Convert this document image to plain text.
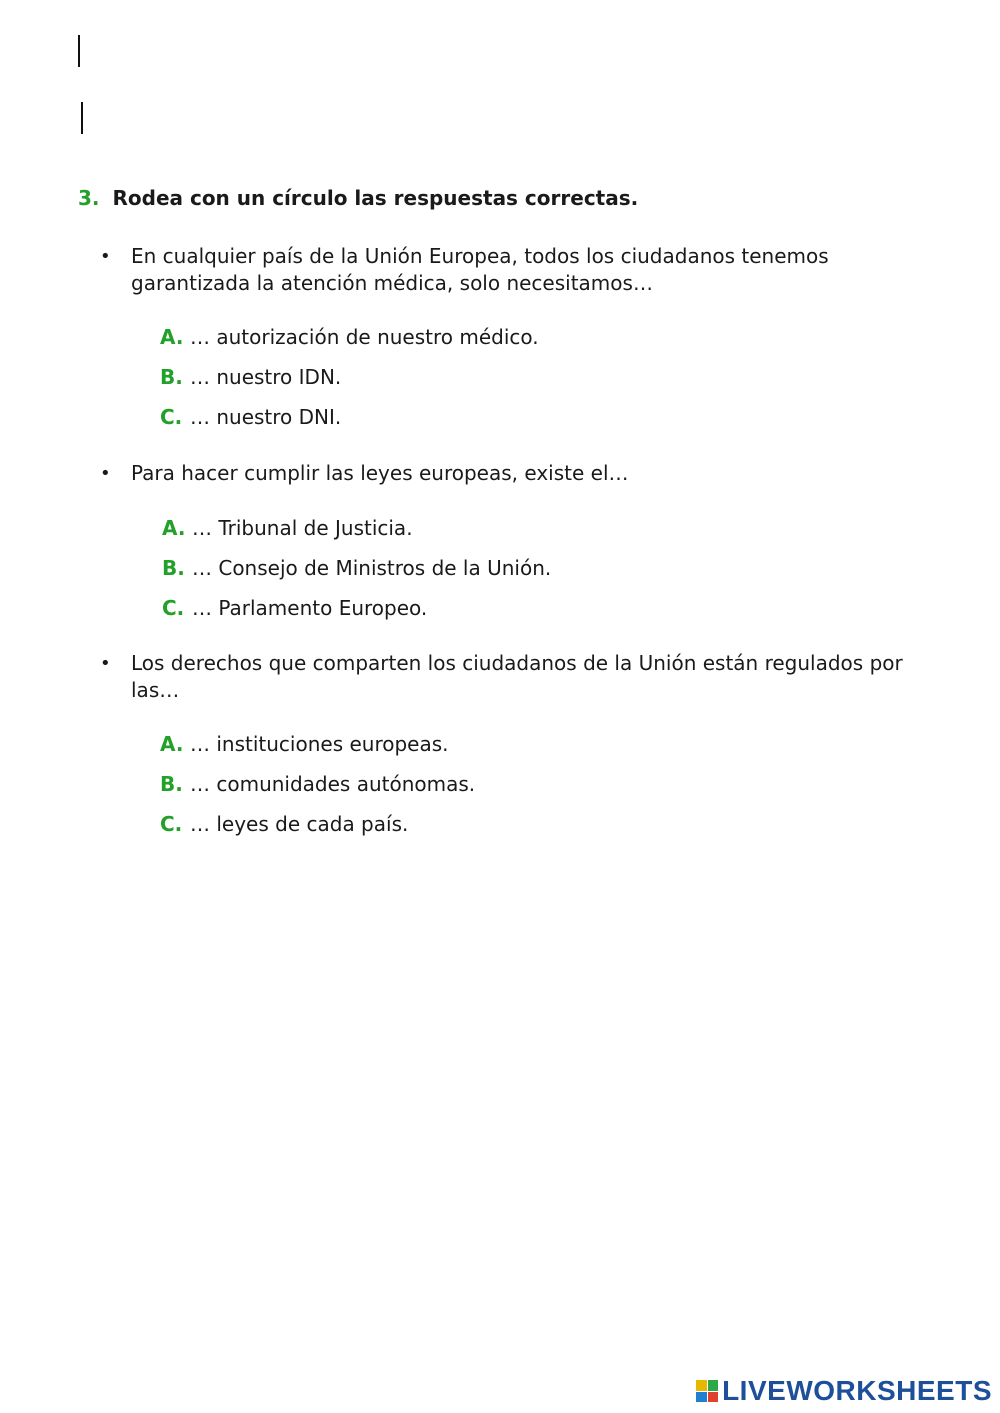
3. Rodea con un círculo las respuestas correctas.
• En cualquier país de la Unión Europea, todos los ciudadanos tenemos garantizada la atención médica, solo necesitamos…
A. … autorización de nuestro médico.
B. … nuestro IDN.
C. … nuestro DNI.
• Para hacer cumplir las leyes europeas, existe el…
A. … Tribunal de Justicia.
B. … Consejo de Ministros de la Unión.
C. … Parlamento Europeo.
• Los derechos que comparten los ciudadanos de la Unión están regulados por las…
A. … instituciones europeas.
B. … comunidades autónomas.
C. … leyes de cada país.
LIVEWORKSHEETS
